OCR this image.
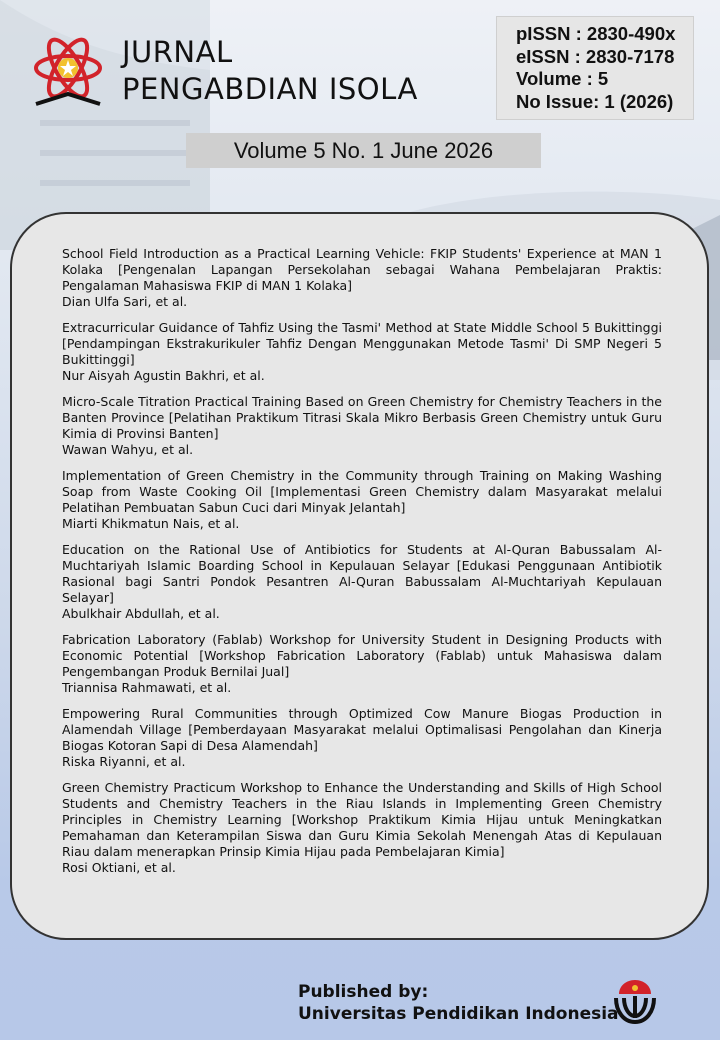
JURNAL
PENGABDIAN ISOLA
pISSN : 2830-490x
eISSN : 2830-7178
Volume : 5
No Issue: 1 (2026)
Volume 5 No. 1 June 2026
School Field Introduction as a Practical Learning Vehicle: FKIP Students' Experience at MAN 1 Kolaka [Pengenalan Lapangan Persekolahan sebagai Wahana Pembelajaran Praktis: Pengalaman Mahasiswa FKIP di MAN 1 Kolaka]
Dian Ulfa Sari, et al.
Extracurricular Guidance of Tahfiz Using the Tasmi' Method at State Middle School 5 Bukittinggi [Pendampingan Ekstrakurikuler Tahfiz Dengan Menggunakan Metode Tasmi' Di SMP Negeri 5 Bukittinggi]
Nur Aisyah Agustin Bakhri, et al.
Micro-Scale Titration Practical Training Based on Green Chemistry for Chemistry Teachers in the Banten Province [Pelatihan Praktikum Titrasi Skala Mikro Berbasis Green Chemistry untuk Guru Kimia di Provinsi Banten]
Wawan Wahyu, et al.
Implementation of Green Chemistry in the Community through Training on Making Washing Soap from Waste Cooking Oil [Implementasi Green Chemistry dalam Masyarakat melalui Pelatihan Pembuatan Sabun Cuci dari Minyak Jelantah]
Miarti Khikmatun Nais, et al.
Education on the Rational Use of Antibiotics for Students at Al-Quran Babussalam Al-Muchtariyah Islamic Boarding School in Kepulauan Selayar [Edukasi Penggunaan Antibiotik Rasional bagi Santri Pondok Pesantren Al-Quran Babussalam Al-Muchtariyah Kepulauan Selayar]
Abulkhair Abdullah, et al.
Fabrication Laboratory (Fablab) Workshop for University Student in Designing Products with Economic Potential [Workshop Fabrication Laboratory (Fablab) untuk Mahasiswa dalam Pengembangan Produk Bernilai Jual]
Triannisa Rahmawati, et al.
Empowering Rural Communities through Optimized Cow Manure Biogas Production in Alamendah Village [Pemberdayaan Masyarakat melalui Optimalisasi Pengolahan dan Kinerja Biogas Kotoran Sapi di Desa Alamendah]
Riska Riyanni, et al.
Green Chemistry Practicum Workshop to Enhance the Understanding and Skills of High School Students and Chemistry Teachers in the Riau Islands in Implementing Green Chemistry Principles in Chemistry Learning [Workshop Praktikum Kimia Hijau untuk Meningkatkan Pemahaman dan Keterampilan Siswa dan Guru Kimia Sekolah Menengah Atas di Kepulauan Riau dalam menerapkan Prinsip Kimia Hijau pada Pembelajaran Kimia]
Rosi Oktiani, et al.
Published by:
Universitas Pendidikan Indonesia
